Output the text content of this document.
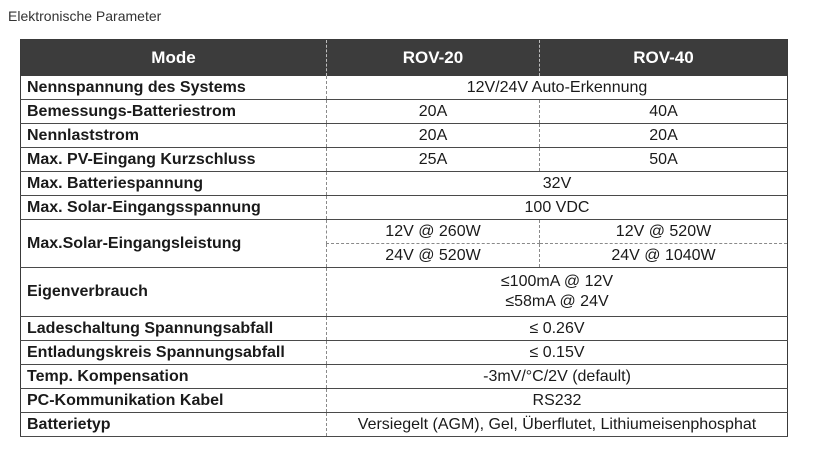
Elektronische Parameter
Mode	ROV-20	ROV-40
Nennspannung des Systems	12V/24V Auto-Erkennung	
Bemessungs-Batteriestrom	20A	40A
Nennlaststrom	20A	20A
Max. PV-Eingang Kurzschluss	25A	50A
Max. Batteriespannung	32V	
Max. Solar-Eingangsspannung	100 VDC	
Max.Solar-Eingangsleistung	12V @ 260W	12V @ 520W
	24V @ 520W	24V @ 1040W
Eigenverbrauch	≤100mA @ 12V
≤58mA @ 24V	

Ladeschaltung Spannungsabfall	≤ 0.26V	
Entladungskreis Spannungsabfall	≤ 0.15V	
Temp. Kompensation	-3mV/°C/2V (default)	
PC-Kommunikation Kabel	RS232	
Batterietyp	Versiegelt (AGM), Gel, Überflutet, Lithiumeisenphosphat	
